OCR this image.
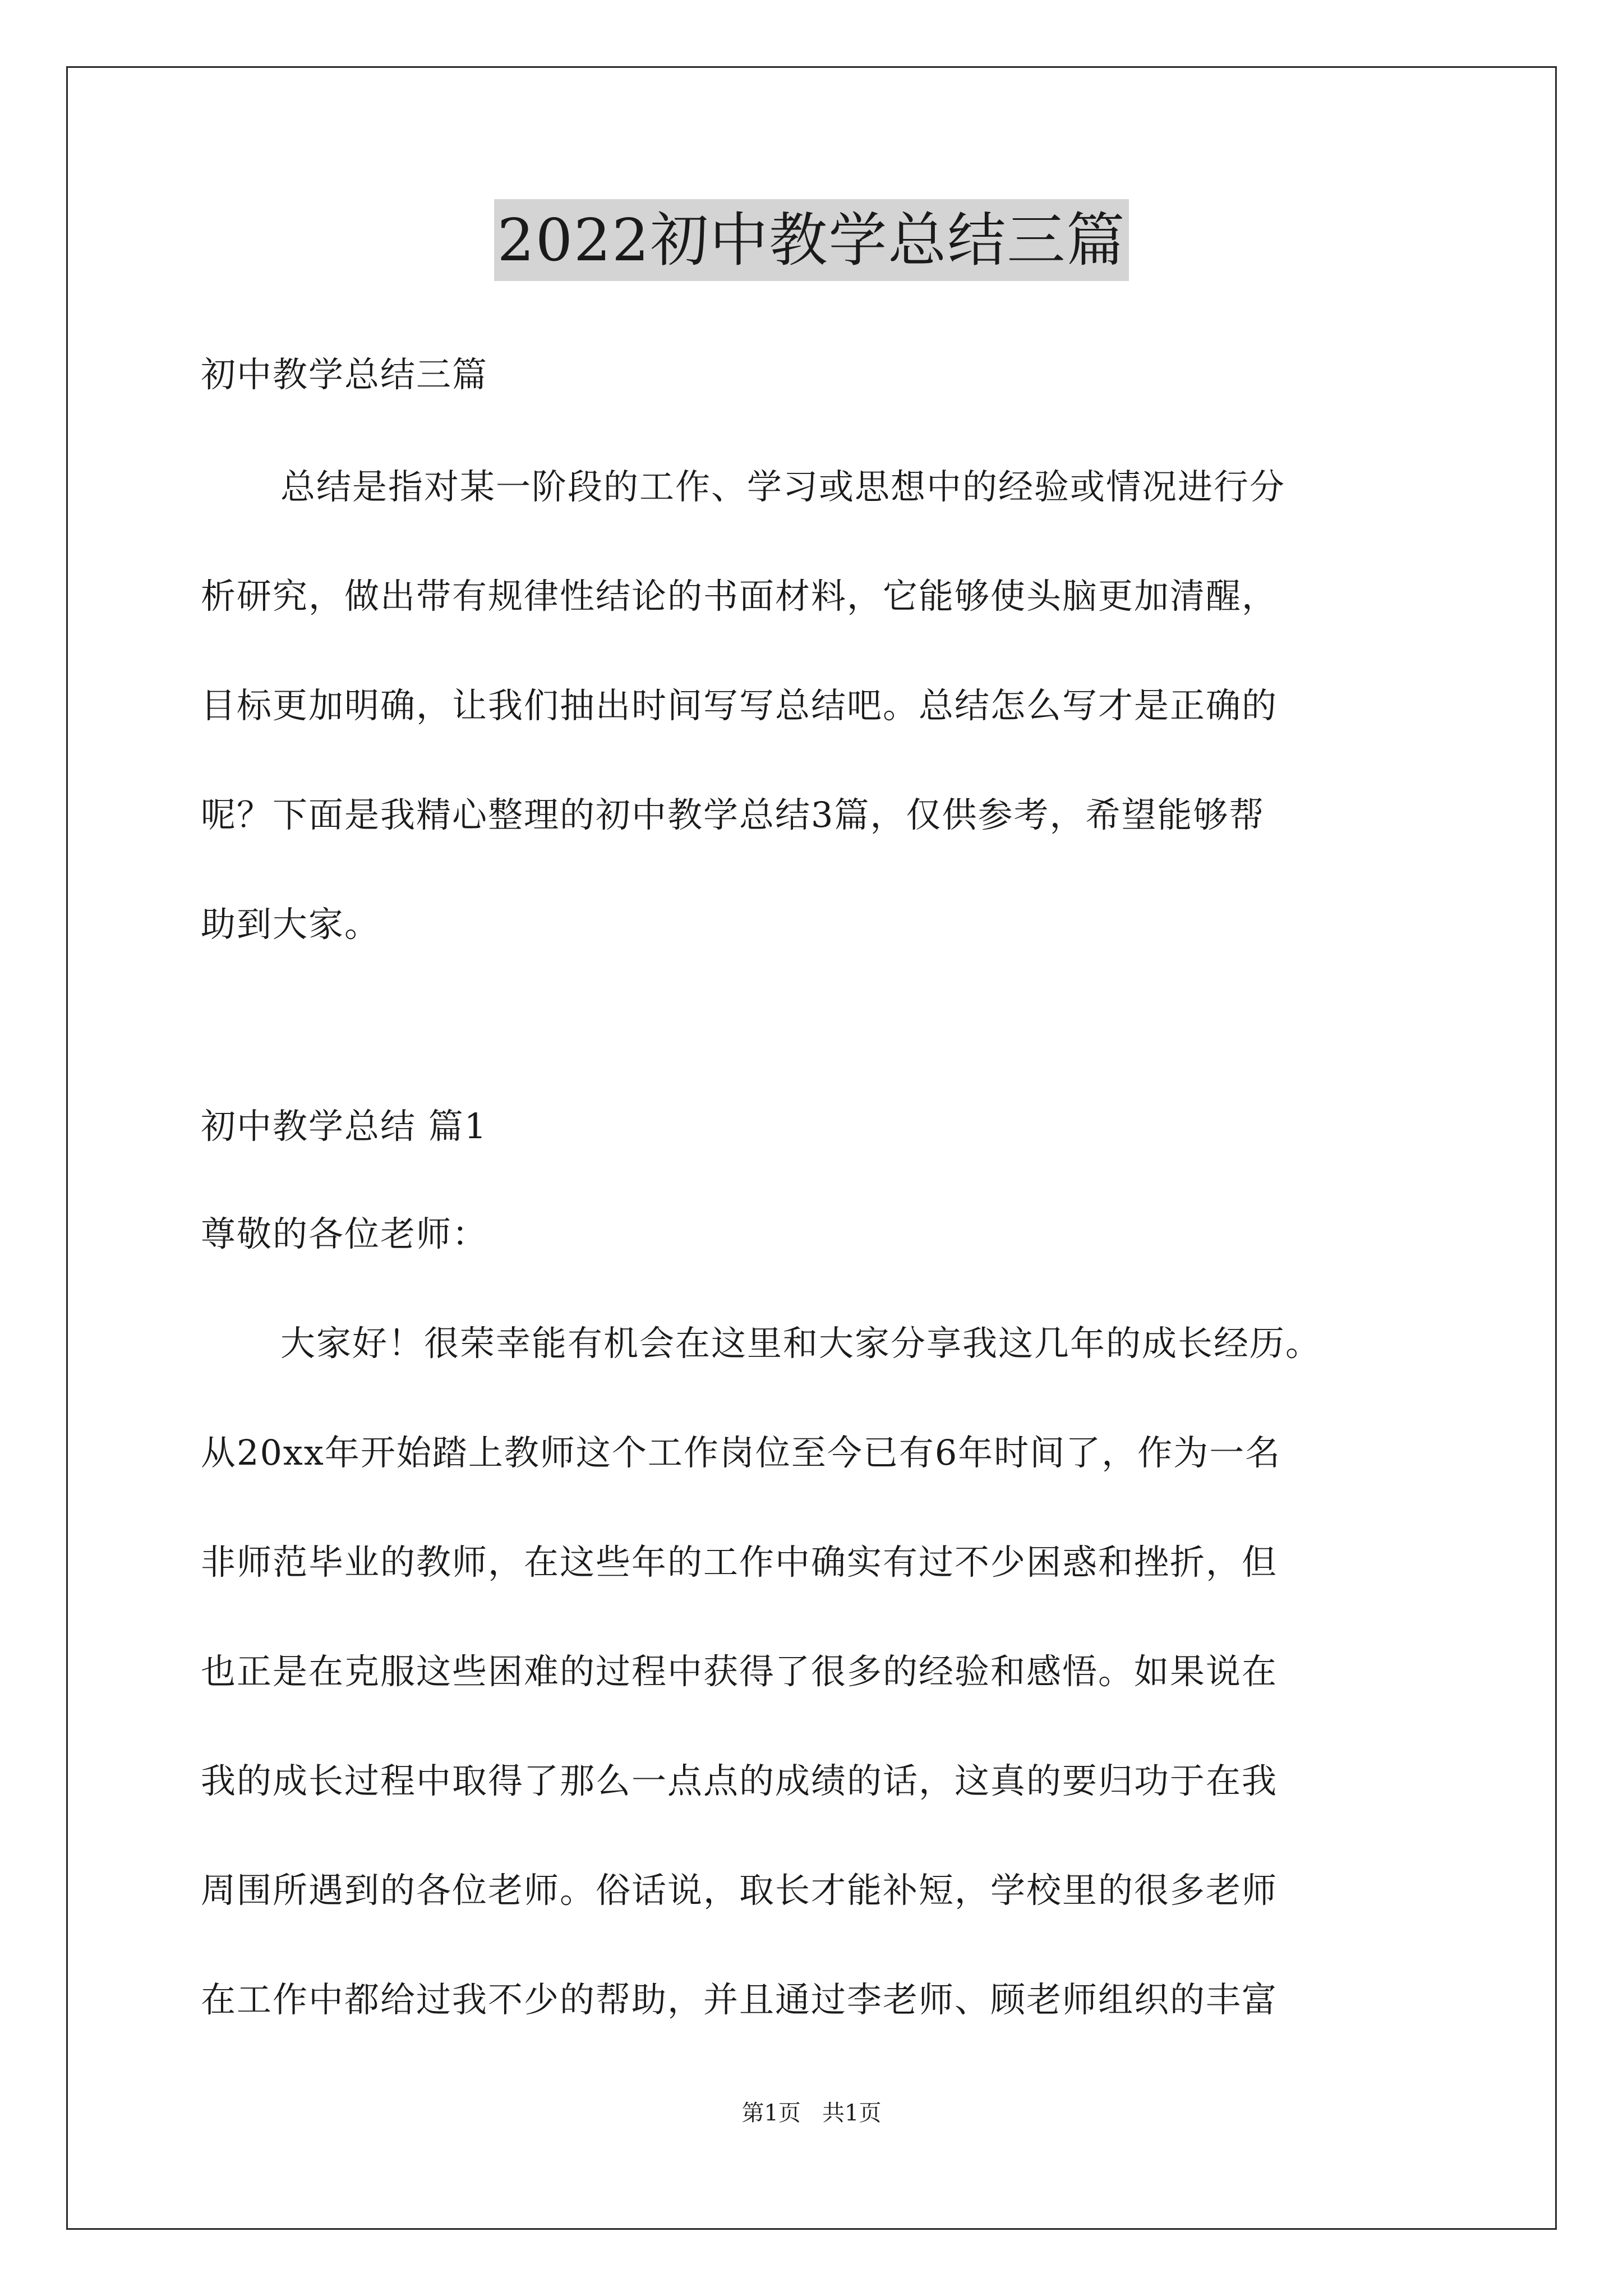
2022初中教学总结三篇
初中教学总结三篇
总结是指对某一阶段的工作、学习或思想中的经验或情况进行分
析研究，做出带有规律性结论的书面材料，它能够使头脑更加清醒，
目标更加明确，让我们抽出时间写写总结吧。总结怎么写才是正确的
呢？下面是我精心整理的初中教学总结3篇，仅供参考，希望能够帮
助到大家。
初中教学总结 篇1
尊敬的各位老师：
大家好！很荣幸能有机会在这里和大家分享我这几年的成长经历。
从20xx年开始踏上教师这个工作岗位至今已有6年时间了，作为一名
非师范毕业的教师，在这些年的工作中确实有过不少困惑和挫折，但
也正是在克服这些困难的过程中获得了很多的经验和感悟。如果说在
我的成长过程中取得了那么一点点的成绩的话，这真的要归功于在我
周围所遇到的各位老师。俗话说，取长才能补短，学校里的很多老师
在工作中都给过我不少的帮助，并且通过李老师、顾老师组织的丰富
第1页   共1页
